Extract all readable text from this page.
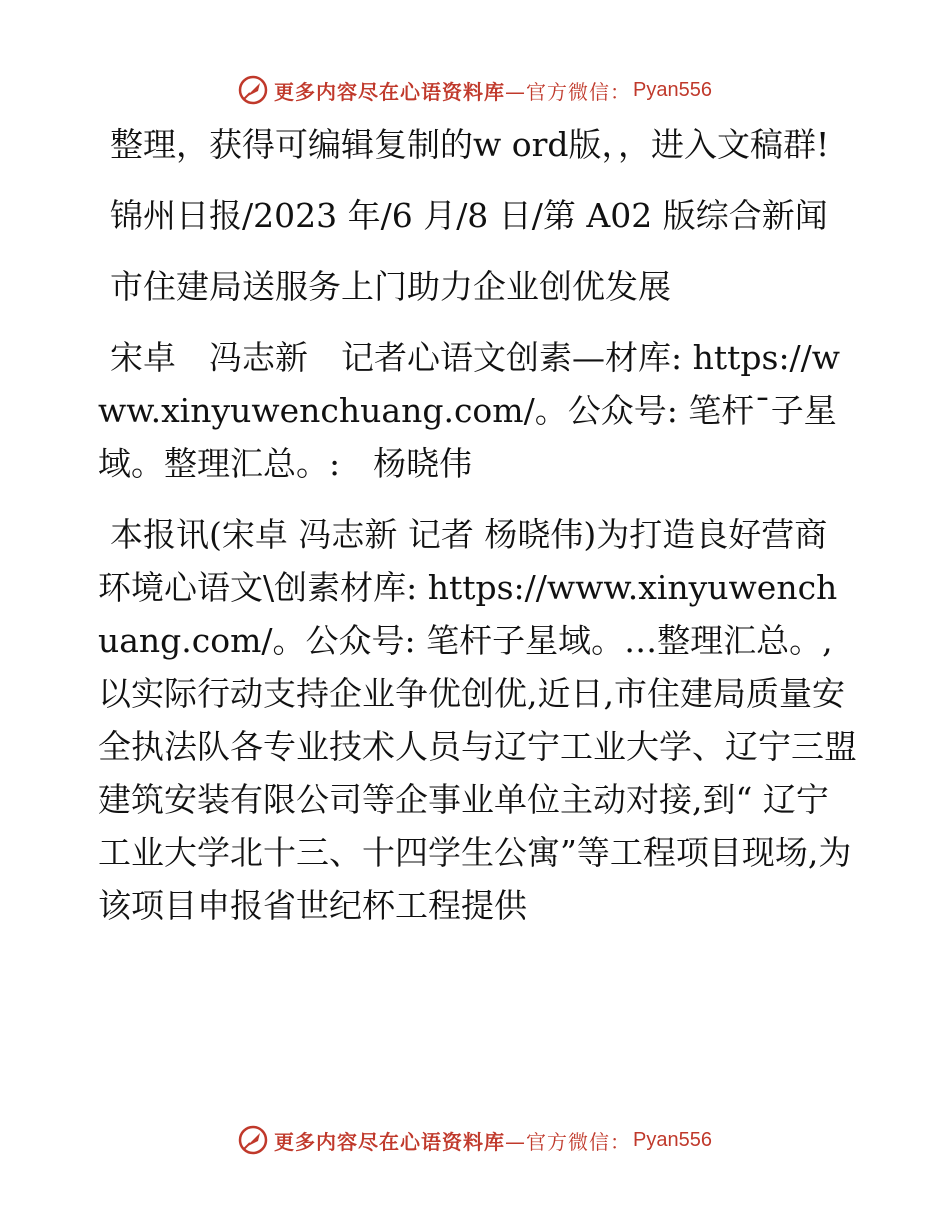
更多内容尽在心语资料库 —官方微信： Pyan556

整理，获得可编辑复制的w ord版，，进入文稿群!

锦州日报/2023 年/6 月/8 日/第 A02 版综合新闻

市住建局送服务上门助力企业创优发展

宋卓　冯志新　记者心语文创素—材库: https://www.xinyuwenchuang.com/。公众号: 笔杆¯子星域。整理汇总。:　杨晓伟

本报讯(宋卓 冯志新 记者 杨晓伟)为打造良好营商环境心语文\创素材库: https://www.xinyuwenchuang.com/。公众号: 笔杆子星域。…整理汇总。,以实际行动支持企业争优创优,近日,市住建局质量安全执法队各专业技术人员与辽宁工业大学、辽宁三盟建筑安装有限公司等企事业单位主动对接,到“ 辽宁工业大学北十三、十四学生公寓”等工程项目现场,为该项目申报省世纪杯工程提供

更多内容尽在心语资料库 —官方微信： Pyan556
